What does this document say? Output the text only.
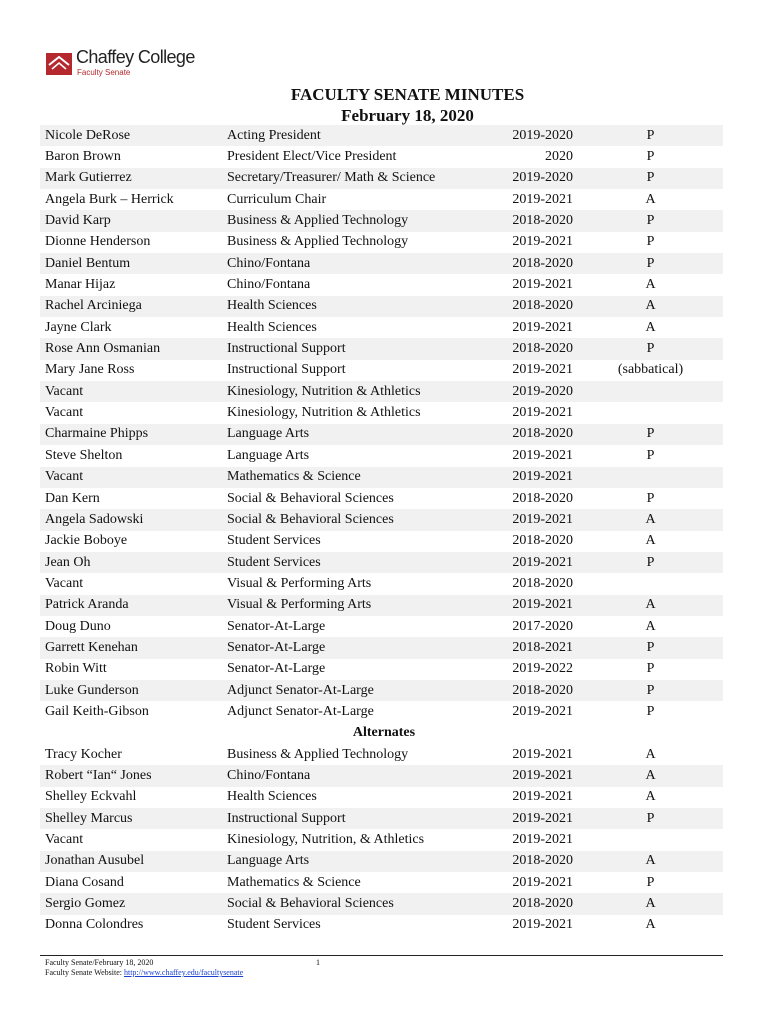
Chaffey College
Faculty Senate
FACULTY SENATE MINUTES
February 18, 2020
Nicole DeRose	Acting President	2019-2020	P
Baron Brown	President Elect/Vice President	2020	P
Mark Gutierrez	Secretary/Treasurer/ Math & Science	2019-2020	P
Angela Burk – Herrick	Curriculum Chair	2019-2021	A
David Karp	Business & Applied Technology	2018-2020	P
Dionne Henderson	Business & Applied Technology	2019-2021	P
Daniel Bentum	Chino/Fontana	2018-2020	P
Manar Hijaz	Chino/Fontana	2019-2021	A
Rachel Arciniega	Health Sciences	2018-2020	A
Jayne Clark	Health Sciences	2019-2021	A
Rose Ann Osmanian	Instructional Support	2018-2020	P
Mary Jane Ross	Instructional Support	2019-2021	(sabbatical)
Vacant	Kinesiology, Nutrition & Athletics	2019-2020	
Vacant	Kinesiology, Nutrition & Athletics	2019-2021	
Charmaine Phipps	Language Arts	2018-2020	P
Steve Shelton	Language Arts	2019-2021	P
Vacant	Mathematics & Science	2019-2021	
Dan Kern	Social & Behavioral Sciences	2018-2020	P
Angela Sadowski	Social & Behavioral Sciences	2019-2021	A
Jackie Boboye	Student Services	2018-2020	A
Jean Oh	Student Services	2019-2021	P
Vacant	Visual & Performing Arts	2018-2020	
Patrick Aranda	Visual & Performing Arts	2019-2021	A
Doug Duno	Senator-At-Large	2017-2020	A
Garrett Kenehan	Senator-At-Large	2018-2021	P
Robin Witt	Senator-At-Large	2019-2022	P
Luke Gunderson	Adjunct Senator-At-Large	2018-2020	P
Gail Keith-Gibson	Adjunct Senator-At-Large	2019-2021	P
Alternates			
Tracy Kocher	Business & Applied Technology	2019-2021	A
Robert “Ian“ Jones	Chino/Fontana	2019-2021	A
Shelley Eckvahl	Health Sciences	2019-2021	A
Shelley Marcus	Instructional Support	2019-2021	P
Vacant	Kinesiology, Nutrition, & Athletics	2019-2021	
Jonathan Ausubel	Language Arts	2018-2020	A
Diana Cosand	Mathematics & Science	2019-2021	P
Sergio Gomez	Social & Behavioral Sciences	2018-2020	A
Donna Colondres	Student Services	2019-2021	A
Faculty Senate/February 18, 2020
Faculty Senate Website: http://www.chaffey.edu/facultysenate
1
